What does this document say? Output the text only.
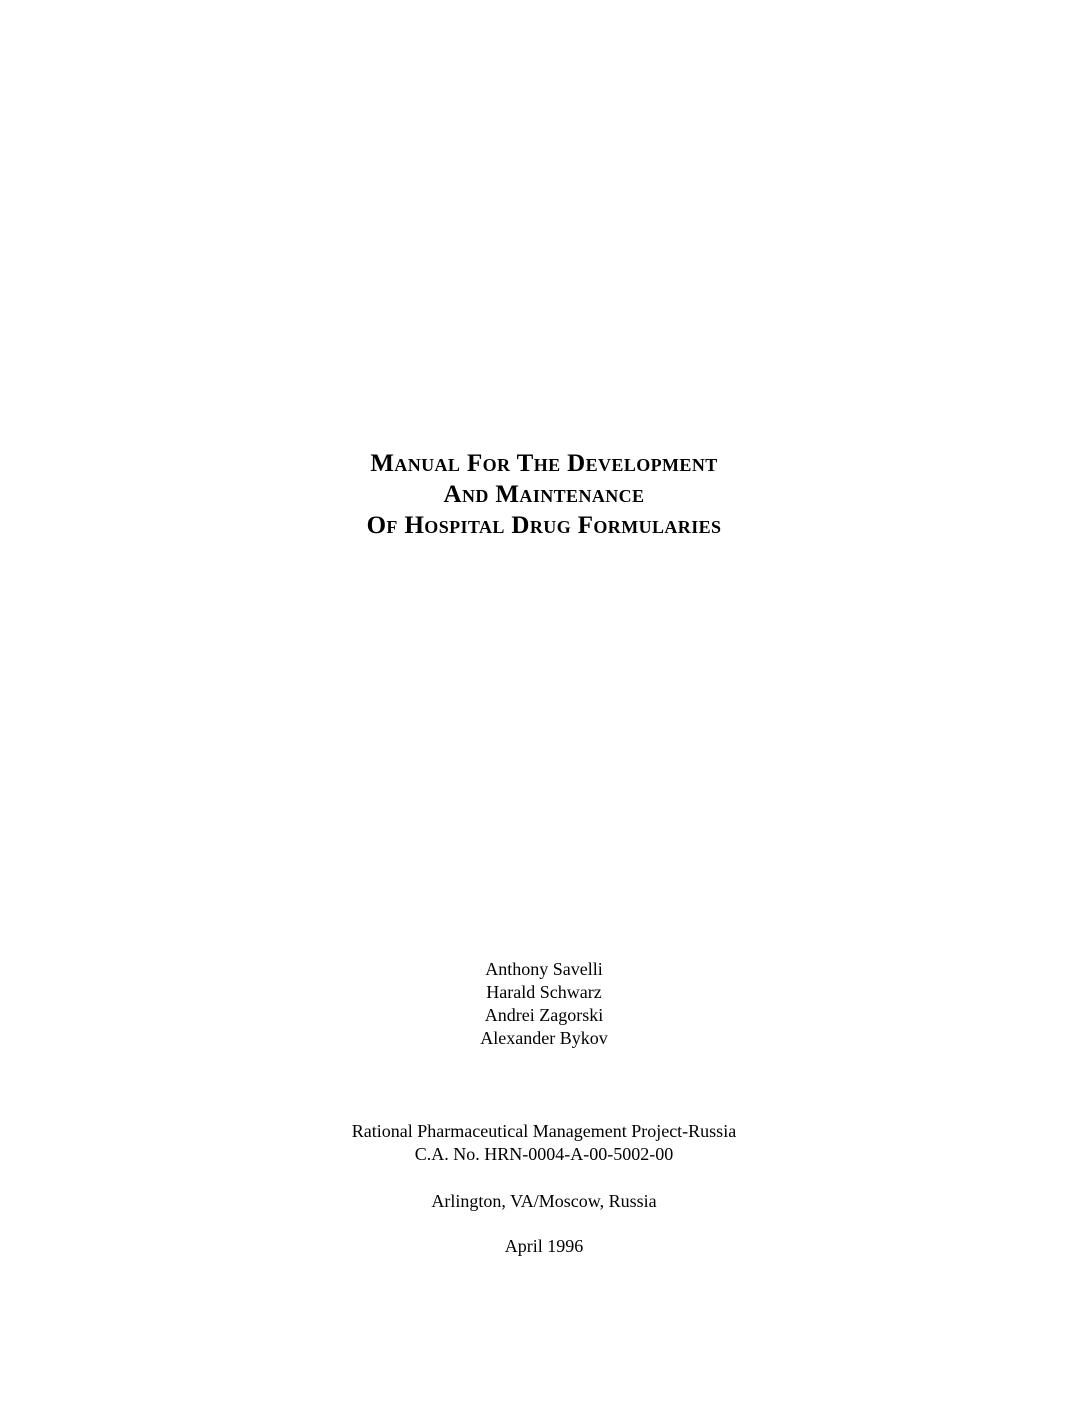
Manual For The Development
And Maintenance
Of Hospital Drug Formularies
Anthony Savelli
Harald Schwarz
Andrei Zagorski
Alexander Bykov
Rational Pharmaceutical Management Project-Russia
C.A. No. HRN-0004-A-00-5002-00
Arlington, VA/Moscow, Russia
April 1996
